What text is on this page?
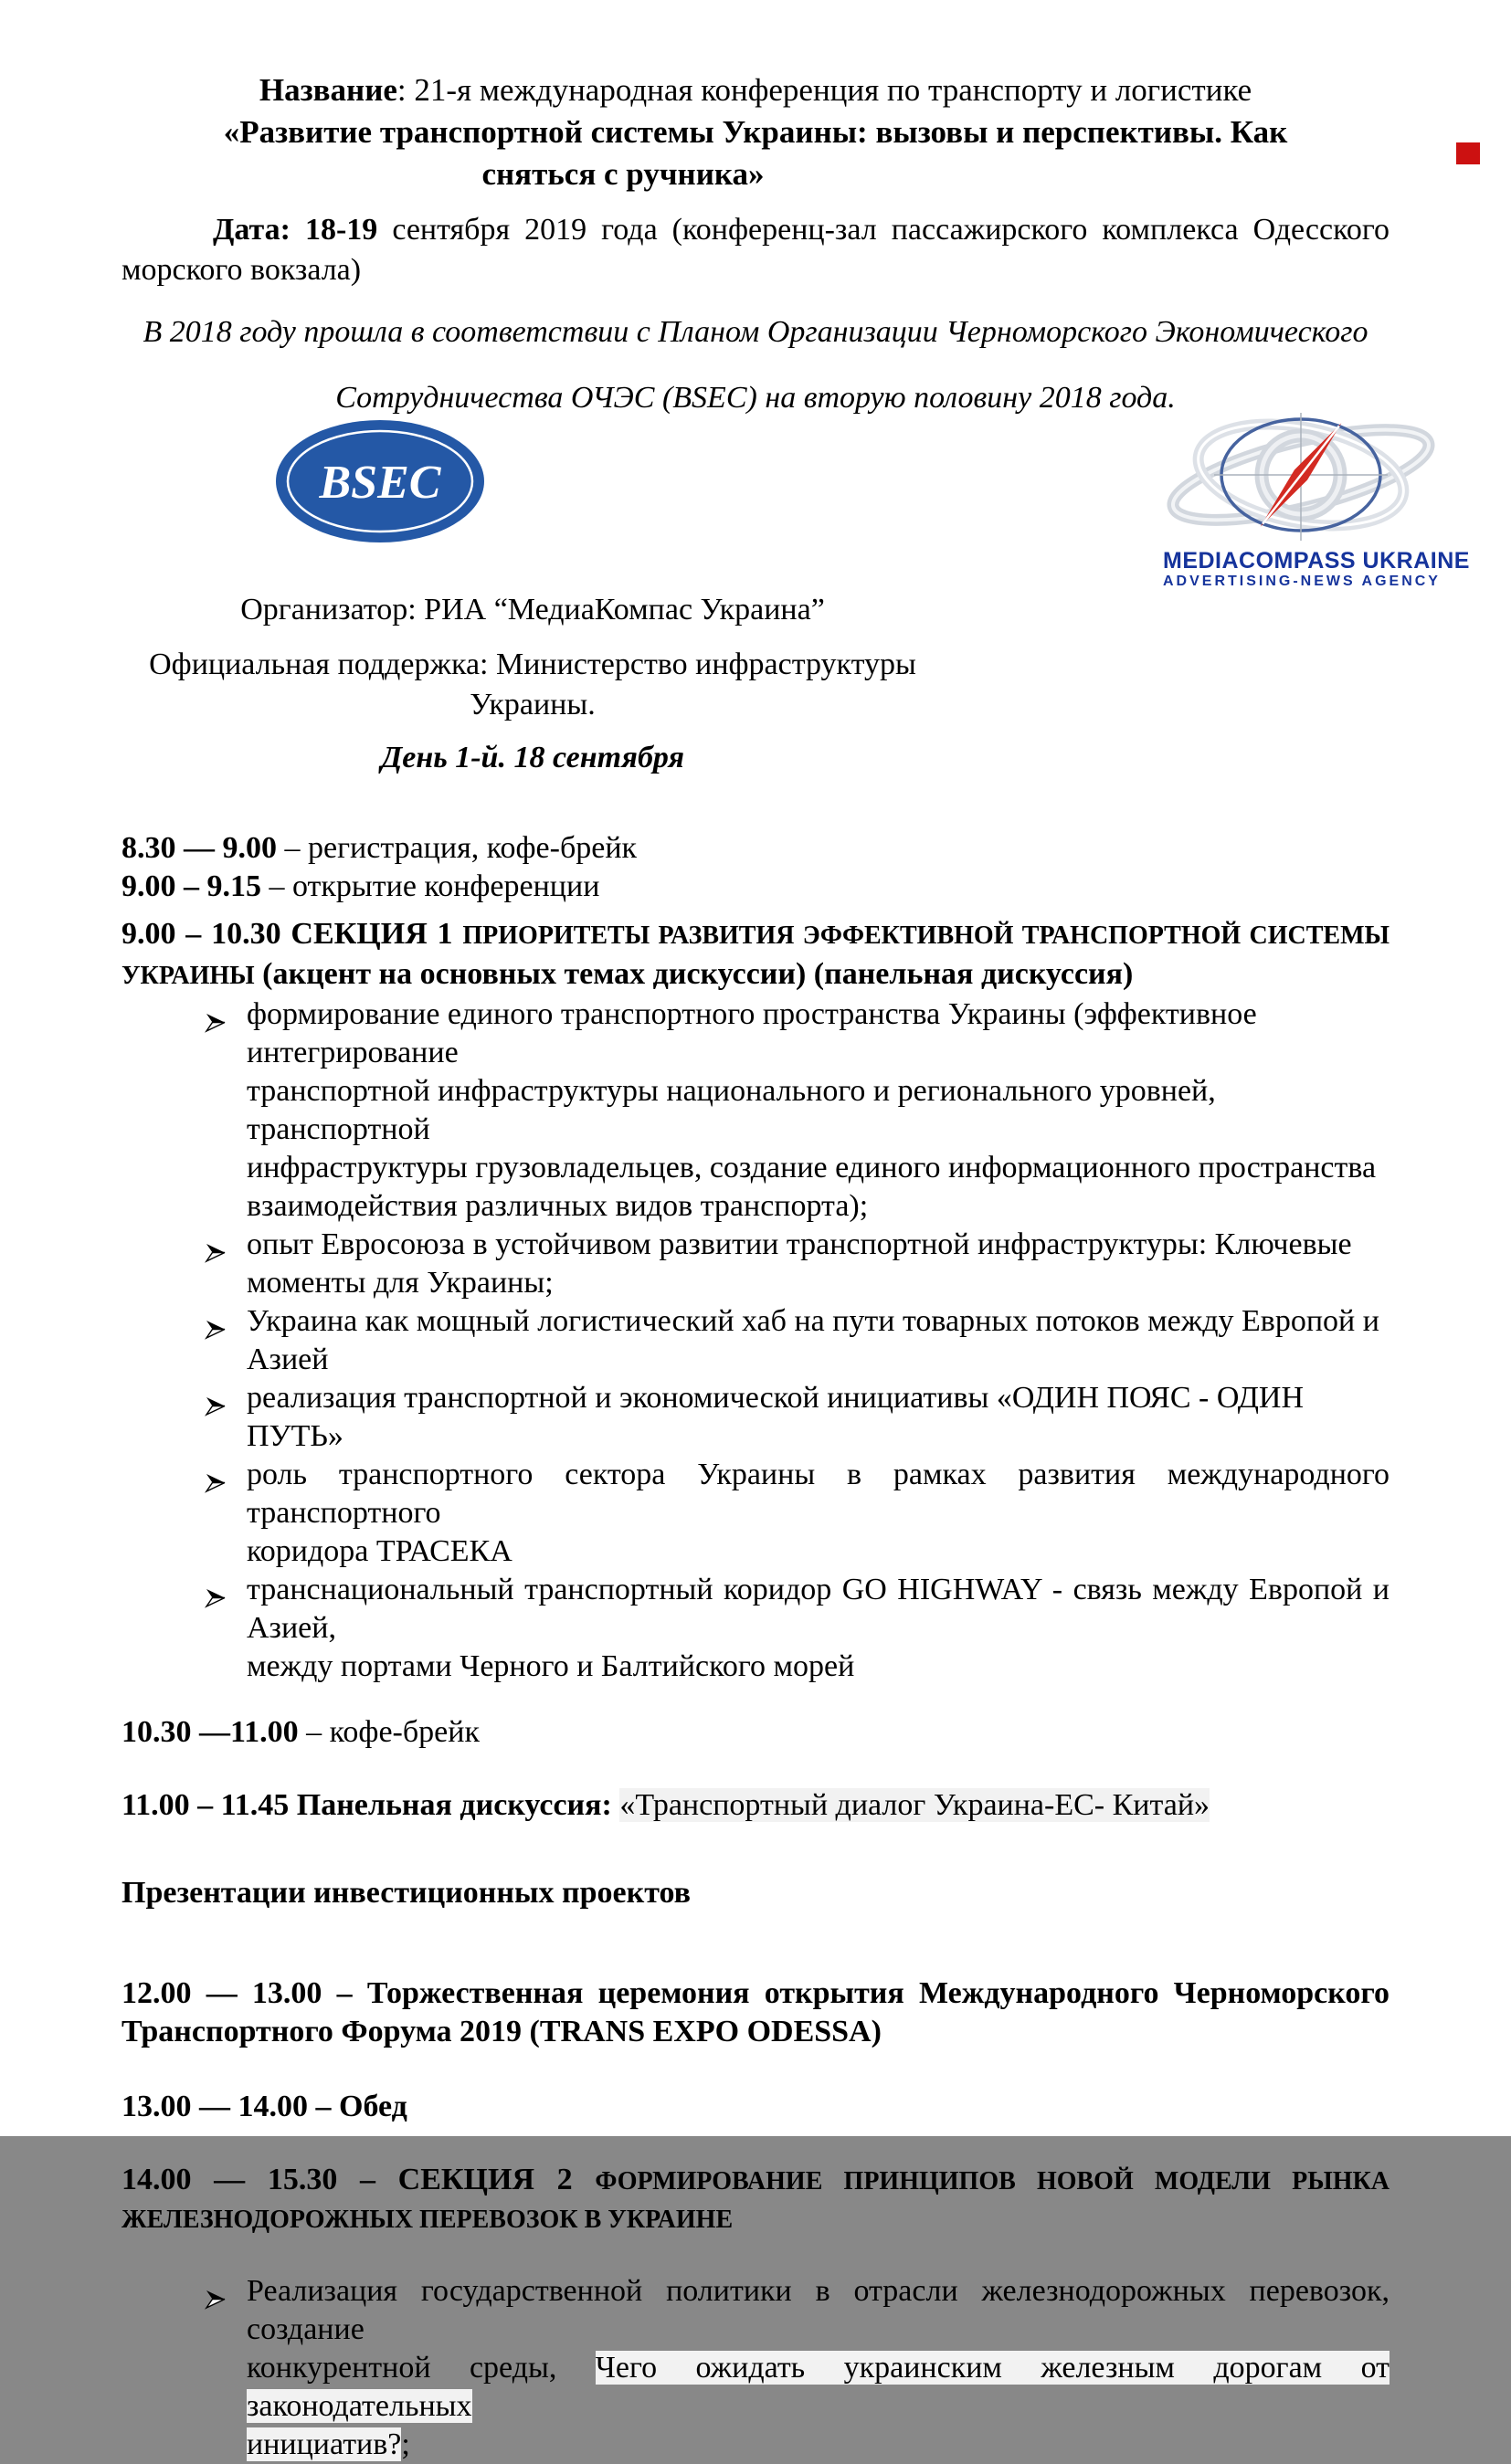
Название: 21-я международная конференция по транспорту и логистике
«Развитие транспортной системы Украины: вызовы и перспективы. Как
сняться с ручника»
Дата: 18-19 сентября 2019 года (конференц-зал пассажирского комплекса Одесского
морского вокзала)
В 2018 году прошла в соответствии с Планом Организации Черноморского Экономического
Сотрудничества ОЧЭС (BSEC) на вторую половину 2018 года.
BSEC
MEDIACOMPASS UKRAINE
ADVERTISING-NEWS AGENCY
Организатор: РИА “МедиаКомпас Украина”
Официальная поддержка: Министерство инфраструктуры Украины.
День 1-й. 18 сентября
8.30 — 9.00 – регистрация, кофе-брейк
9.00 – 9.15 – открытие конференции
9.00 – 10.30 СЕКЦИЯ 1 ПРИОРИТЕТЫ РАЗВИТИЯ ЭФФЕКТИВНОЙ ТРАНСПОРТНОЙ СИСТЕМЫ
УКРАИНЫ (акцент на основных темах дискуссии) (панельная дискуссия)
формирование единого транспортного пространства Украины (эффективное интегрирование
транспортной инфраструктуры национального и регионального уровней, транспортной
инфраструктуры грузовладельцев, создание единого информационного пространства
взаимодействия различных видов транспорта);
опыт Евросоюза в устойчивом развитии транспортной инфраструктуры: Ключевые
моменты для Украины;
Украина как мощный логистический хаб на пути товарных потоков между Европой и Азией
реализация транспортной и экономической инициативы «ОДИН ПОЯС - ОДИН ПУТЬ»
роль транспортного сектора Украины в рамках развития международного транспортного
коридора ТРАСЕКА
транснациональный транспортный коридор GO HIGHWAY - связь между Европой и Азией,
между портами Черного и Балтийского морей
10.30 —11.00 – кофе-брейк
11.00 – 11.45 Панельная дискуссия: «Транспортный диалог Украина-ЕС- Китай»
Презентации инвестиционных проектов
12.00 — 13.00 – Торжественная церемония открытия Международного Черноморского
Транспортного Форума 2019 (TRANS EXPO ODESSA)
13.00 — 14.00 – Обед
14.00 — 15.30 – СЕКЦИЯ 2 ФОРМИРОВАНИЕ ПРИНЦИПОВ НОВОЙ МОДЕЛИ РЫНКА
ЖЕЛЕЗНОДОРОЖНЫХ ПЕРЕВОЗОК В УКРАИНЕ
Реализация государственной политики в отрасли железнодорожных перевозок, создание
конкурентной среды, Чего ожидать украинским железным дорогам от законодательных
инициатив?;
